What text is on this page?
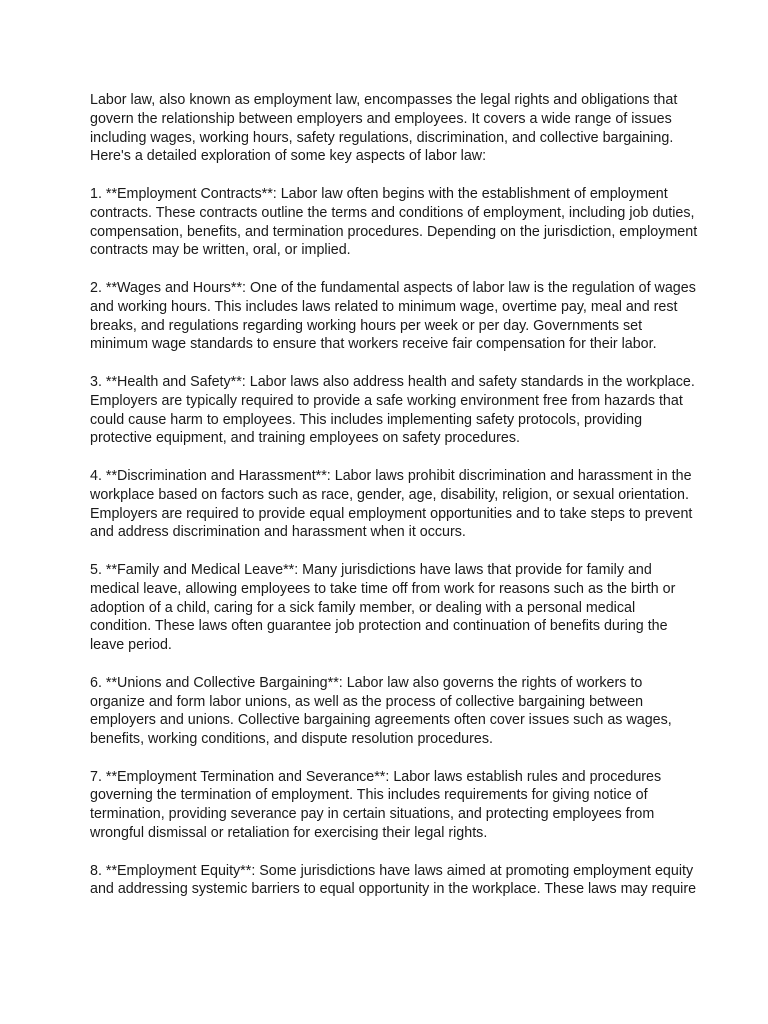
Labor law, also known as employment law, encompasses the legal rights and obligations that
govern the relationship between employers and employees. It covers a wide range of issues
including wages, working hours, safety regulations, discrimination, and collective bargaining.
Here's a detailed exploration of some key aspects of labor law:
1. **Employment Contracts**: Labor law often begins with the establishment of employment
contracts. These contracts outline the terms and conditions of employment, including job duties,
compensation, benefits, and termination procedures. Depending on the jurisdiction, employment
contracts may be written, oral, or implied.
2. **Wages and Hours**: One of the fundamental aspects of labor law is the regulation of wages
and working hours. This includes laws related to minimum wage, overtime pay, meal and rest
breaks, and regulations regarding working hours per week or per day. Governments set
minimum wage standards to ensure that workers receive fair compensation for their labor.
3. **Health and Safety**: Labor laws also address health and safety standards in the workplace.
Employers are typically required to provide a safe working environment free from hazards that
could cause harm to employees. This includes implementing safety protocols, providing
protective equipment, and training employees on safety procedures.
4. **Discrimination and Harassment**: Labor laws prohibit discrimination and harassment in the
workplace based on factors such as race, gender, age, disability, religion, or sexual orientation.
Employers are required to provide equal employment opportunities and to take steps to prevent
and address discrimination and harassment when it occurs.
5. **Family and Medical Leave**: Many jurisdictions have laws that provide for family and
medical leave, allowing employees to take time off from work for reasons such as the birth or
adoption of a child, caring for a sick family member, or dealing with a personal medical
condition. These laws often guarantee job protection and continuation of benefits during the
leave period.
6. **Unions and Collective Bargaining**: Labor law also governs the rights of workers to
organize and form labor unions, as well as the process of collective bargaining between
employers and unions. Collective bargaining agreements often cover issues such as wages,
benefits, working conditions, and dispute resolution procedures.
7. **Employment Termination and Severance**: Labor laws establish rules and procedures
governing the termination of employment. This includes requirements for giving notice of
termination, providing severance pay in certain situations, and protecting employees from
wrongful dismissal or retaliation for exercising their legal rights.
8. **Employment Equity**: Some jurisdictions have laws aimed at promoting employment equity
and addressing systemic barriers to equal opportunity in the workplace. These laws may require
